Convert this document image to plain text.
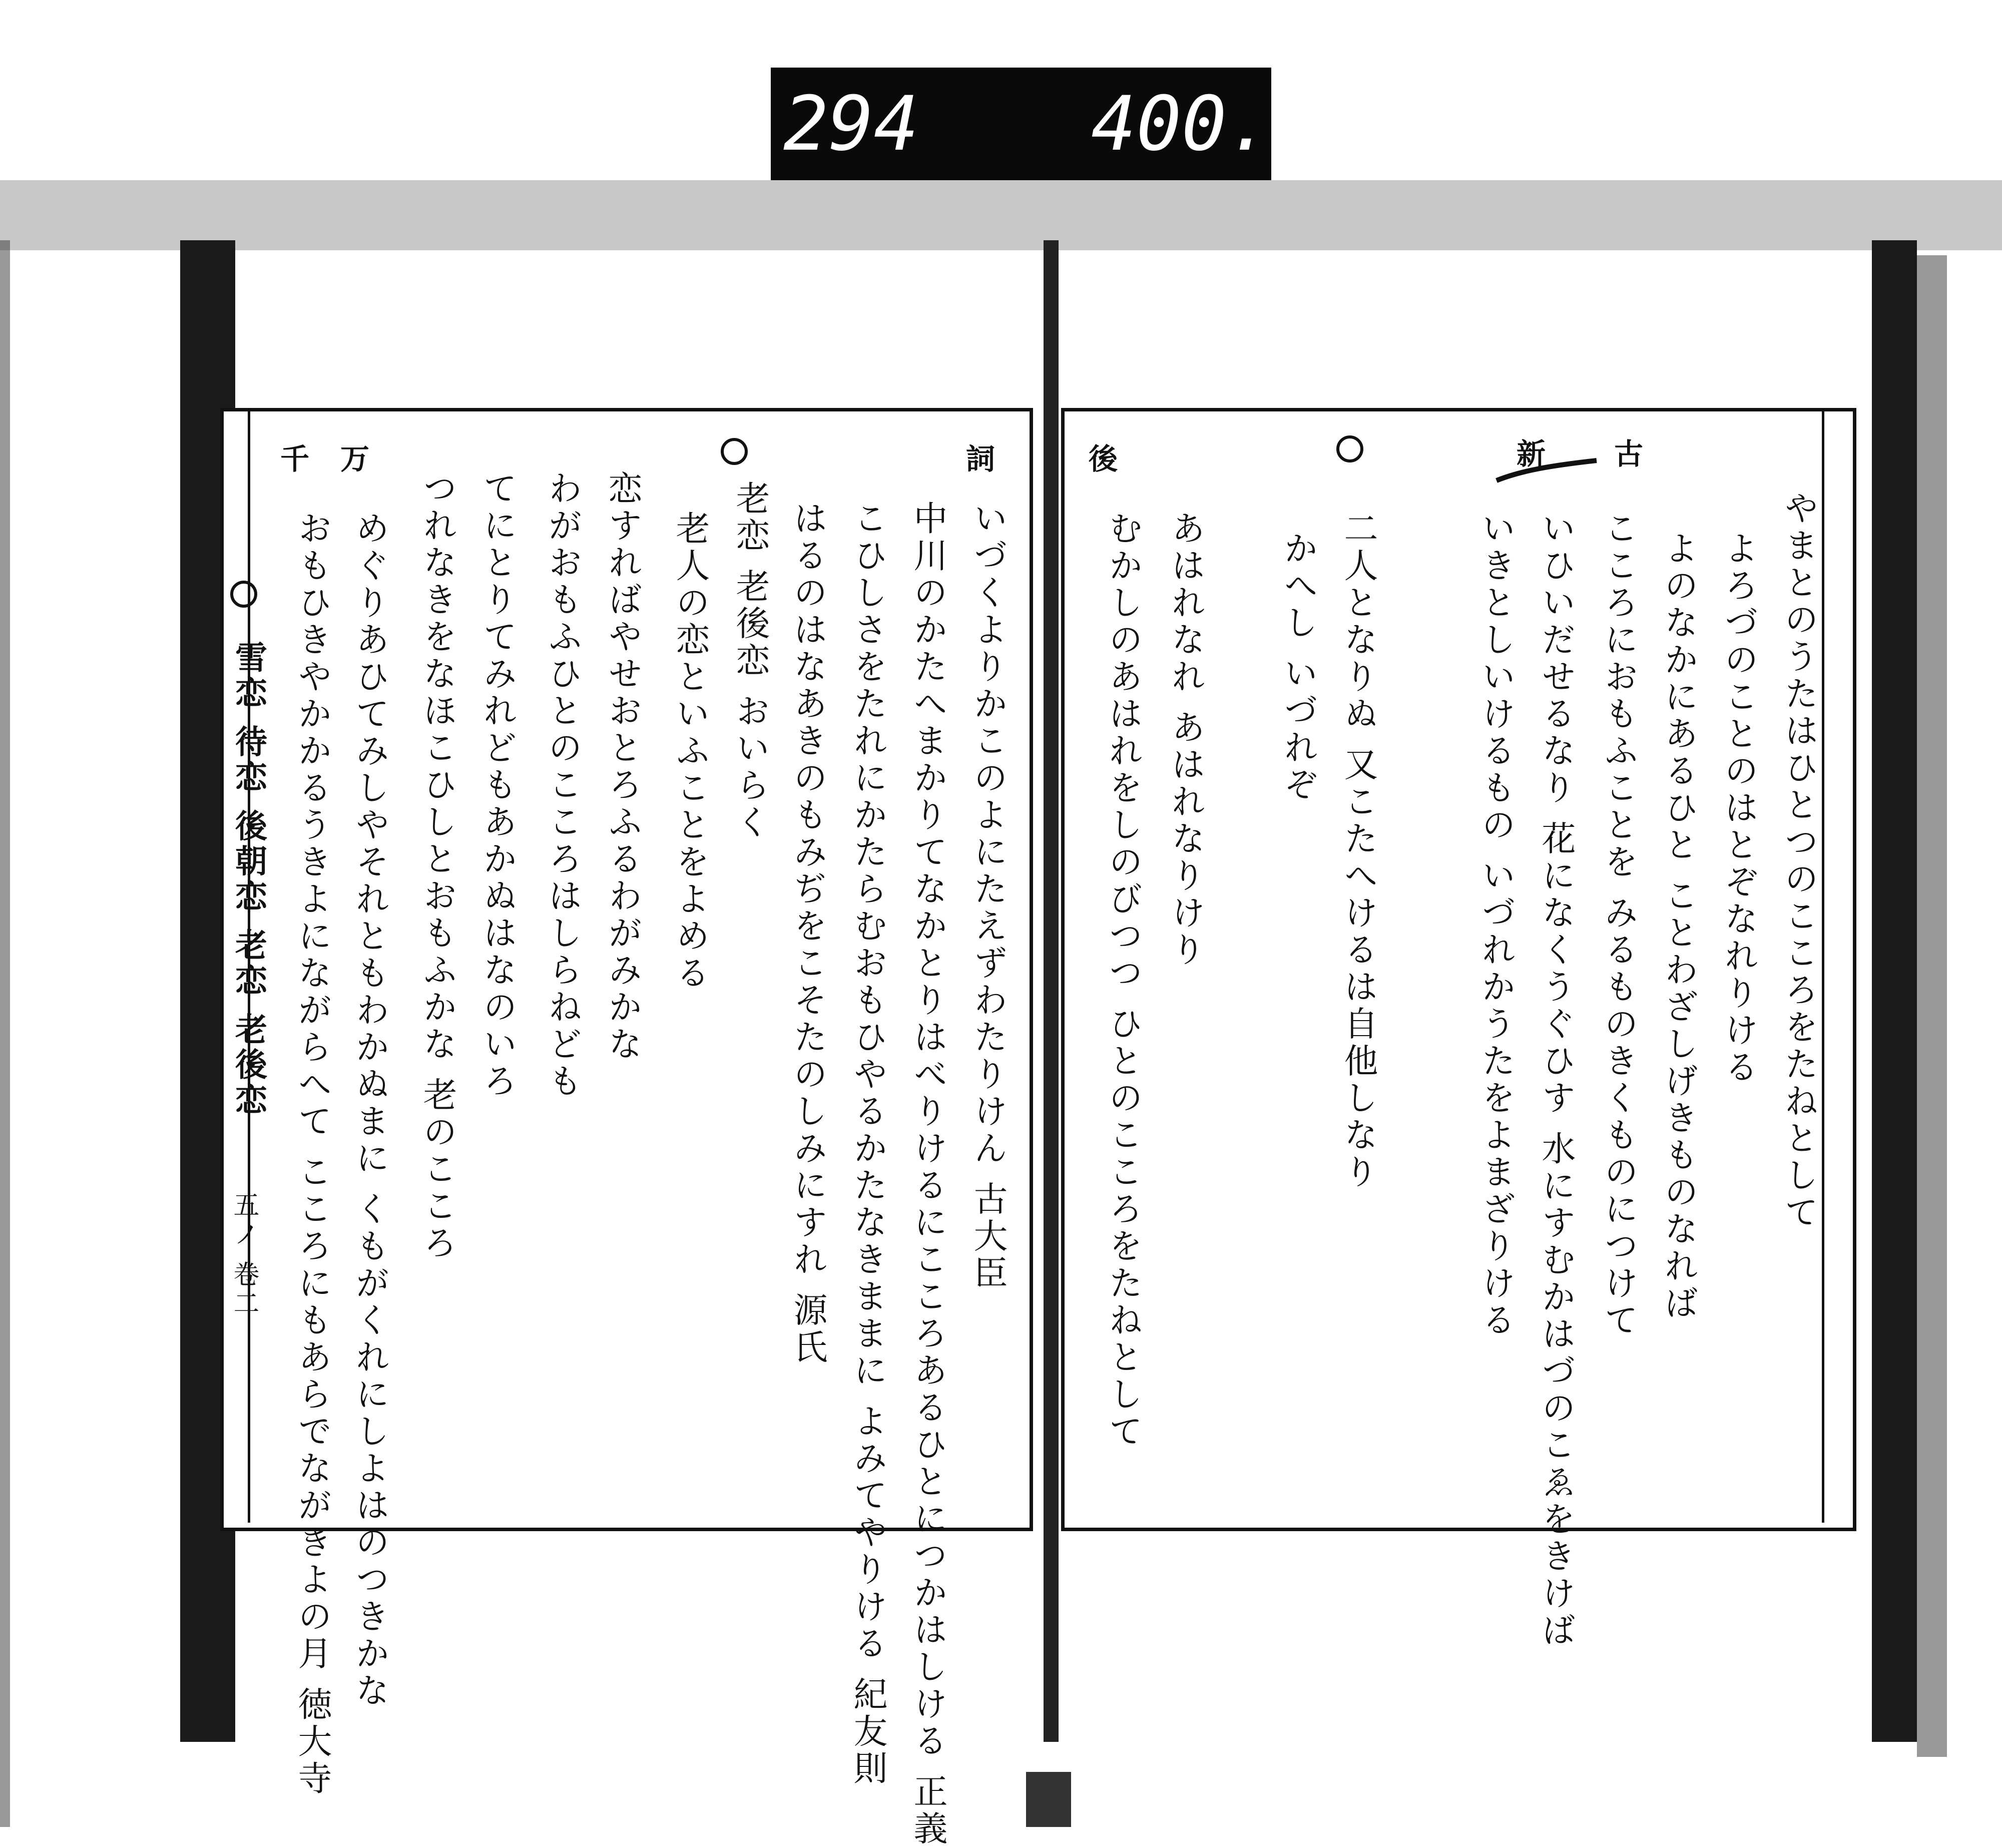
294 400.
詞
万
千
雪恋 待恋 後朝恋 老恋 老後恋
五ノ 卷二	いづくよりかこのよにたえずわたりけん 古大臣
中川のかたへまかりてなかとりはべりけるにこころあるひとにつかはしける 正義
こひしさをたれにかたらむおもひやるかたなきままに よみてやりける 紀友則
はるのはなあきのもみぢをこそたのしみにすれ 源氏
老恋 老後恋 おいらく
老人の恋といふことをよめる
恋すればやせおとろふるわがみかな
わがおもふひとのこころはしらねども
てにとりてみれどもあかぬはなのいろ
つれなきをなほこひしとおもふかな 老のこころ
めぐりあひてみしやそれともわかぬまに くもがくれにしよはのつきかな
おもひきやかかるうきよにながらへて こころにもあらでながきよの月 徳大寺
古
新
後
やまとのうたはひとつのこころをたねとして
よろづのことのはとぞなれりける
よのなかにあるひと ことわざしげきものなれば
こころにおもふことを みるものきくものにつけて
いひいだせるなり 花になくうぐひす 水にすむかはづのこゑをきけば
いきとしいけるもの いづれかうたをよまざりける
二人となりぬ 又こたへけるは自他しなり
かへし いづれぞ
あはれなれ あはれなりけり
むかしのあはれをしのびつつ ひとのこころをたねとして
